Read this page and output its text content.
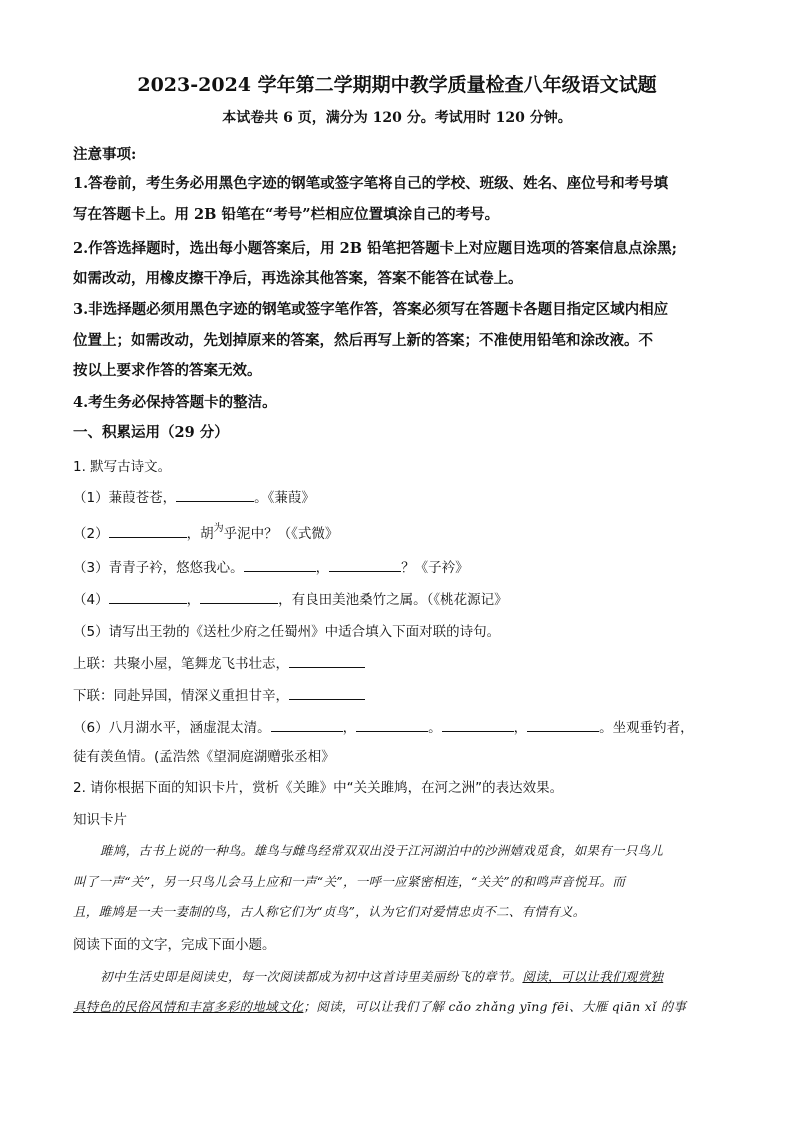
2023-2024 学年第二学期期中教学质量检查八年级语文试题
本试卷共 6 页，满分为 120 分。考试用时 120 分钟。
注意事项:
1.答卷前，考生务必用黑色字迹的钢笔或签字笔将自己的学校、班级、姓名、座位号和考号填
写在答题卡上。用 2B 铅笔在“考号”栏相应位置填涂自己的考号。
2.作答选择题时，选出每小题答案后，用 2B 铅笔把答题卡上对应题目选项的答案信息点涂黑;
如需改动，用橡皮擦干净后，再选涂其他答案，答案不能答在试卷上。
3.非选择题必须用黑色字迹的钢笔或签字笔作答，答案必须写在答题卡各题目指定区域内相应
位置上；如需改动，先划掉原来的答案，然后再写上新的答案；不准使用铅笔和涂改液。不
按以上要求作答的答案无效。
4.考生务必保持答题卡的整洁。
一、积累运用（29 分）
1. 默写古诗文。
（1）蒹葭苍苍，	。《蒹葭》
（2）	，胡$^为$乎泥中？（《式微》
（3）青青子衿，悠悠我心。	，	？《子衿》
（4）	，	，有良田美池桑竹之属。（《桃花源记》
（5）请写出王勃的《送杜少府之任蜀州》中适合填入下面对联的诗句。
上联：共聚小屋，笔舞龙飞书壮志，
下联：同赴异国，情深义重担甘辛，
（6）八月湖水平，涵虚混太清。	，	。	，	。坐观垂钓者，
徒有羡鱼情。(孟浩然《望洞庭湖赠张丞相》
2. 请你根据下面的知识卡片，赏析《关雎》中“关关雎鸠，在河之洲”的表达效果。
知识卡片
雎鸠，古书上说的一种鸟。雄鸟与雌鸟经常双双出没于江河湖泊中的沙洲嬉戏觅食，如果有一只鸟儿
叫了一声“关”，另一只鸟儿会马上应和一声“关”，一呼一应紧密相连，“关关”的和鸣声音悦耳。而
且，雎鸠是一夫一妻制的鸟，古人称它们为“贞鸟”，认为它们对爱情忠贞不二、有情有义。
阅读下面的文字，完成下面小题。
初中生活史即是阅读史，每一次阅读都成为初中这首诗里美丽纷飞的章节。阅读，可以让我们观赏独
具特色的民俗风情和丰富多彩的地域文化；阅读，可以让我们了解 cǎo zhǎng yīng fēi、大雁 qiān xǐ 的事
